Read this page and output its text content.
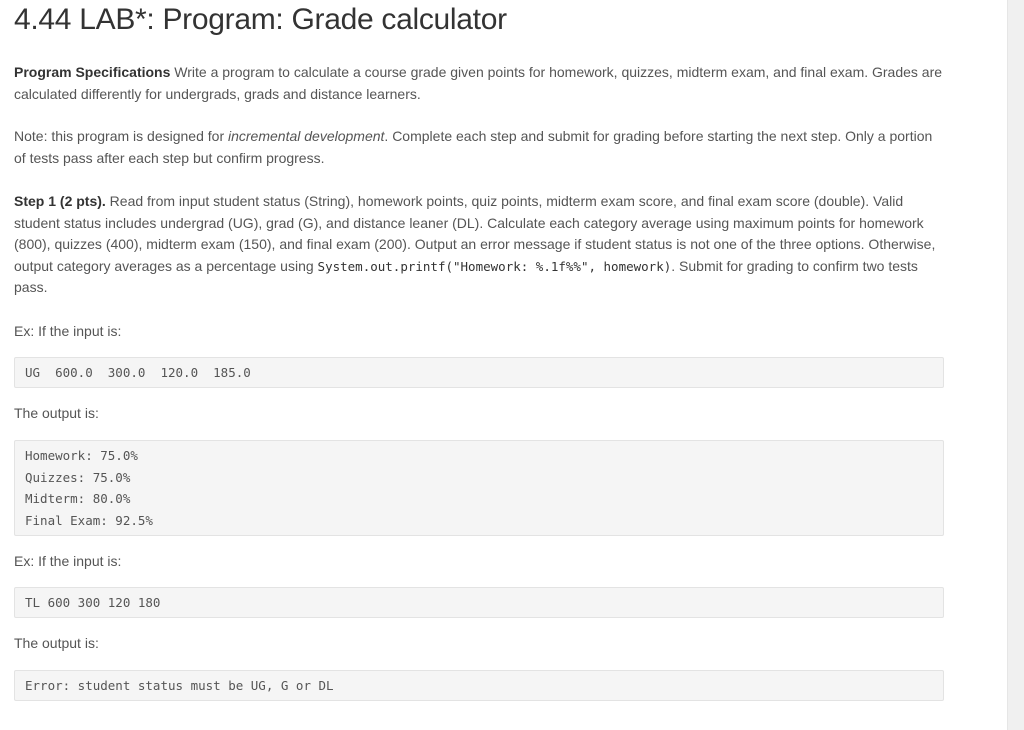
4.44 LAB*: Program: Grade calculator

Program Specifications Write a program to calculate a course grade given points for homework, quizzes, midterm exam, and final exam. Grades are calculated differently for undergrads, grads and distance learners.

Note: this program is designed for incremental development. Complete each step and submit for grading before starting the next step. Only a portion of tests pass after each step but confirm progress.

Step 1 (2 pts). Read from input student status (String), homework points, quiz points, midterm exam score, and final exam score (double). Valid student status includes undergrad (UG), grad (G), and distance leaner (DL). Calculate each category average using maximum points for homework (800), quizzes (400), midterm exam (150), and final exam (200). Output an error message if student status is not one of the three options. Otherwise, output category averages as a percentage using System.out.printf("Homework: %.1f%%", homework). Submit for grading to confirm two tests pass.

Ex: If the input is:

UG  600.0  300.0  120.0  185.0

The output is:

Homework: 75.0%
Quizzes: 75.0%
Midterm: 80.0%
Final Exam: 92.5%

Ex: If the input is:

TL 600 300 120 180

The output is:

Error: student status must be UG, G or DL
